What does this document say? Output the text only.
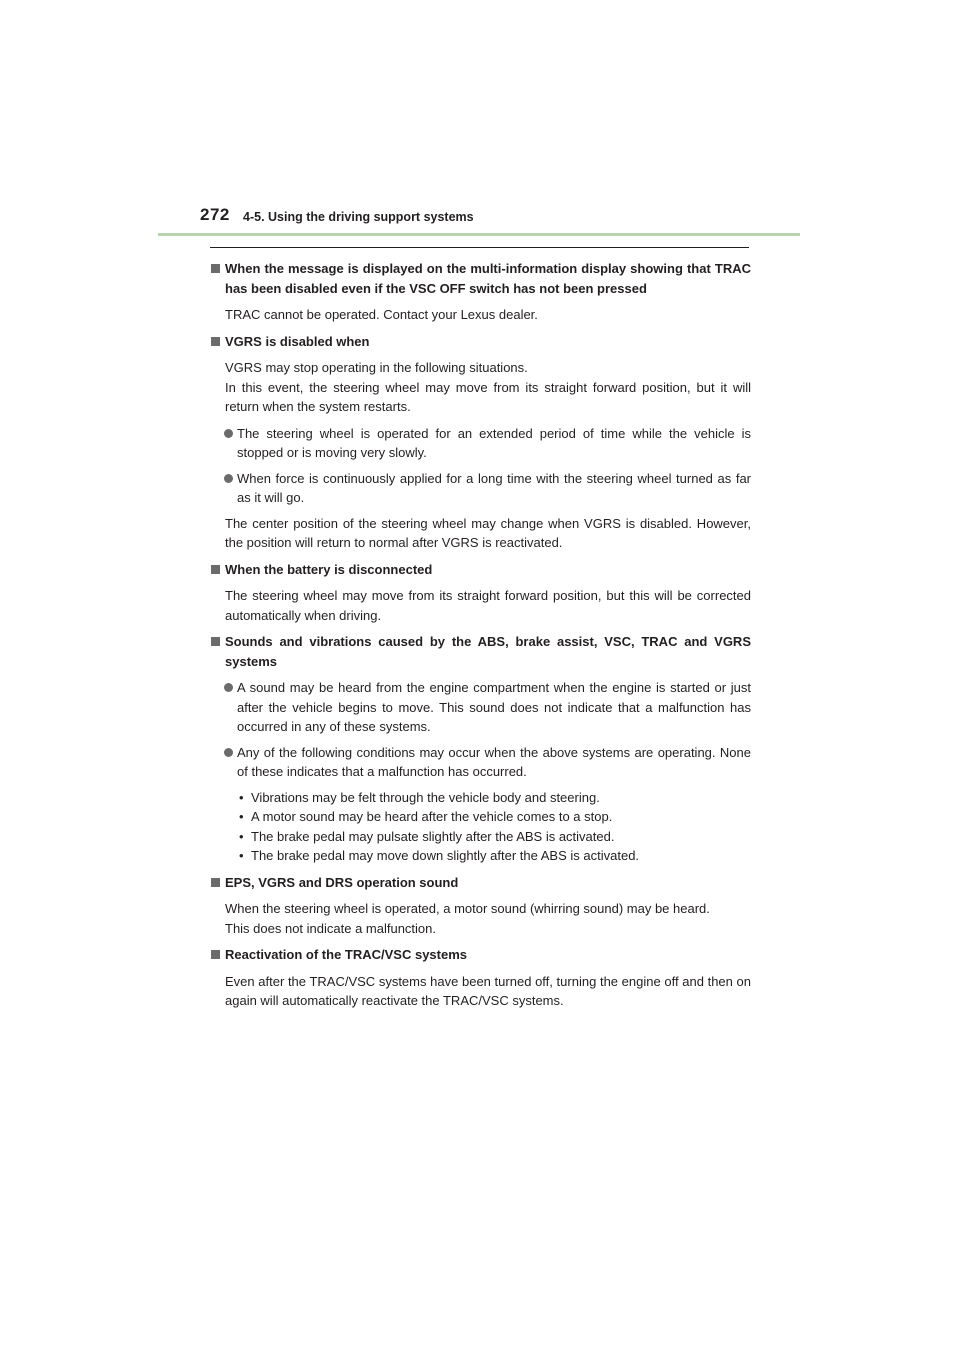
272 4-5. Using the driving support systems
When the message is displayed on the multi-information display showing that TRAC has been disabled even if the VSC OFF switch has not been pressed
TRAC cannot be operated. Contact your Lexus dealer.
VGRS is disabled when
VGRS may stop operating in the following situations.
In this event, the steering wheel may move from its straight forward position, but it will return when the system restarts.
The steering wheel is operated for an extended period of time while the vehicle is stopped or is moving very slowly.
When force is continuously applied for a long time with the steering wheel turned as far as it will go.
The center position of the steering wheel may change when VGRS is disabled. However, the position will return to normal after VGRS is reactivated.
When the battery is disconnected
The steering wheel may move from its straight forward position, but this will be corrected automatically when driving.
Sounds and vibrations caused by the ABS, brake assist, VSC, TRAC and VGRS systems
A sound may be heard from the engine compartment when the engine is started or just after the vehicle begins to move. This sound does not indicate that a malfunction has occurred in any of these systems.
Any of the following conditions may occur when the above systems are operating. None of these indicates that a malfunction has occurred.
• Vibrations may be felt through the vehicle body and steering.
• A motor sound may be heard after the vehicle comes to a stop.
• The brake pedal may pulsate slightly after the ABS is activated.
• The brake pedal may move down slightly after the ABS is activated.
EPS, VGRS and DRS operation sound
When the steering wheel is operated, a motor sound (whirring sound) may be heard.
This does not indicate a malfunction.
Reactivation of the TRAC/VSC systems
Even after the TRAC/VSC systems have been turned off, turning the engine off and then on again will automatically reactivate the TRAC/VSC systems.
